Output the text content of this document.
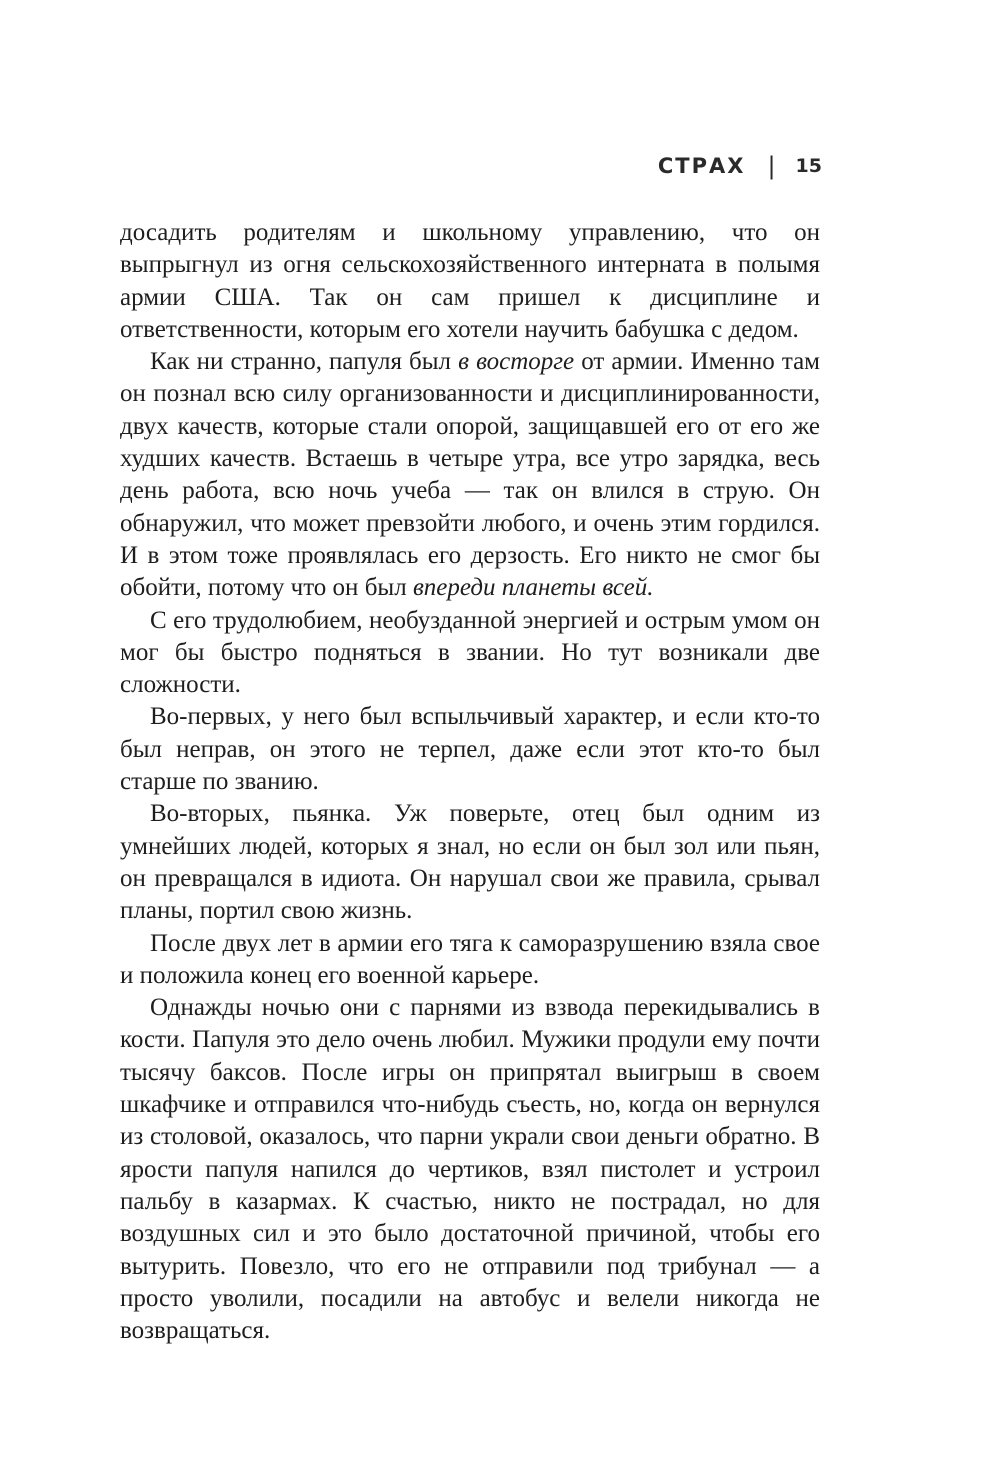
СТРАХ | 15

досадить родителям и школьному управлению, что он выпрыгнул из огня сельскохозяйственного интерната в полымя армии США. Так он сам пришел к дисциплине и ответственности, которым его хотели научить бабушка с дедом.

Как ни странно, папуля был в восторге от армии. Именно там он познал всю силу организованности и дисциплинированности, двух качеств, которые стали опорой, защищавшей его от его же худших качеств. Встаешь в четыре утра, все утро зарядка, весь день работа, всю ночь учеба — так он влился в струю. Он обнаружил, что может превзойти любого, и очень этим гордился. И в этом тоже проявлялась его дерзость. Его никто не смог бы обойти, потому что он был впереди планеты всей.

С его трудолюбием, необузданной энергией и острым умом он мог бы быстро подняться в звании. Но тут возникали две сложности.

Во-первых, у него был вспыльчивый характер, и если кто-то был неправ, он этого не терпел, даже если этот кто-то был старше по званию.

Во-вторых, пьянка. Уж поверьте, отец был одним из умнейших людей, которых я знал, но если он был зол или пьян, он превращался в идиота. Он нарушал свои же правила, срывал планы, портил свою жизнь.

После двух лет в армии его тяга к саморазрушению взяла свое и положила конец его военной карьере.

Однажды ночью они с парнями из взвода перекидывались в кости. Папуля это дело очень любил. Мужики продули ему почти тысячу баксов. После игры он припрятал выигрыш в своем шкафчике и отправился что-нибудь съесть, но, когда он вернулся из столовой, оказалось, что парни украли свои деньги обратно. В ярости папуля напился до чертиков, взял пистолет и устроил пальбу в казармах. К счастью, никто не пострадал, но для воздушных сил и это было достаточной причиной, чтобы его вытурить. Повезло, что его не отправили под трибунал — а просто уволили, посадили на автобус и велели никогда не возвращаться.
